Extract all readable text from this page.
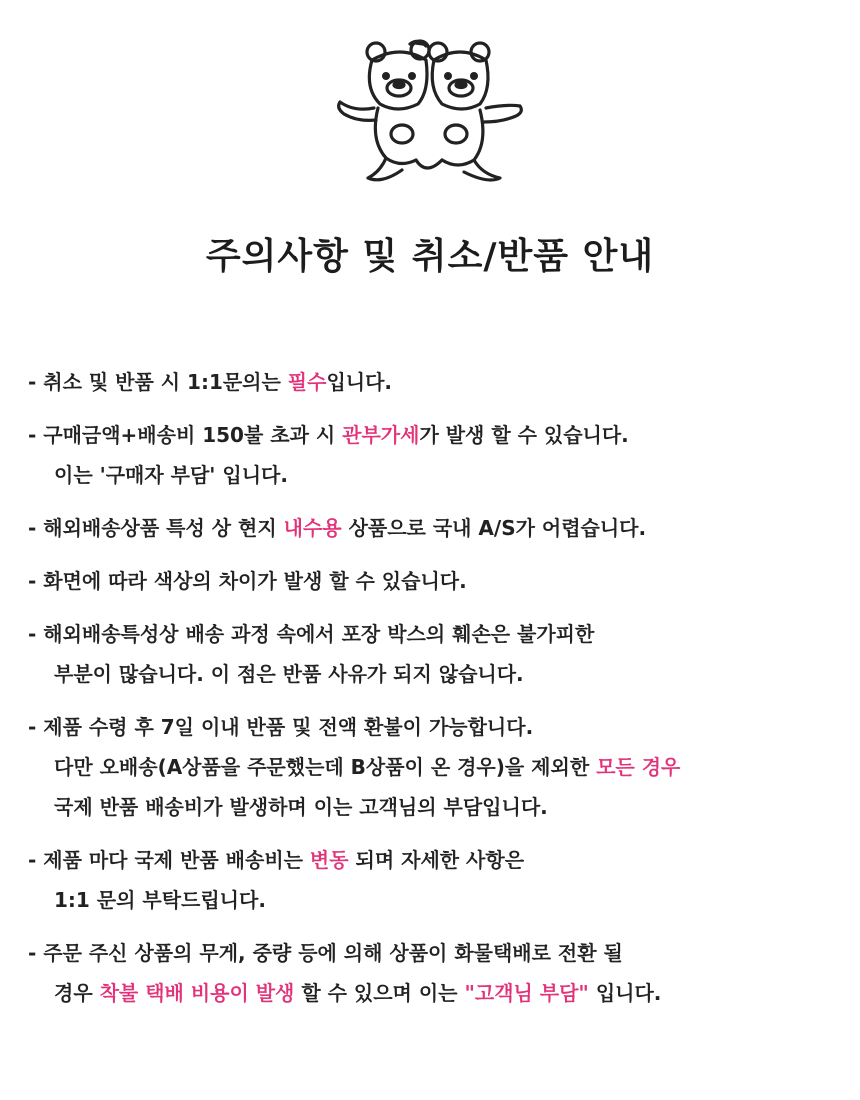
주의사항 및 취소/반품 안내
- 취소 및 반품 시 1:1문의는 필수입니다.
- 구매금액+배송비 150불 초과 시 관부가세가 발생 할 수 있습니다.
이는 '구매자 부담' 입니다.
- 해외배송상품 특성 상 현지 내수용 상품으로 국내 A/S가 어렵습니다.
- 화면에 따라 색상의 차이가 발생 할 수 있습니다.
- 해외배송특성상 배송 과정 속에서 포장 박스의 훼손은 불가피한
부분이 많습니다. 이 점은 반품 사유가 되지 않습니다.
- 제품 수령 후 7일 이내 반품 및 전액 환불이 가능합니다.
다만 오배송(A상품을 주문했는데 B상품이 온 경우)을 제외한 모든 경우
국제 반품 배송비가 발생하며 이는 고객님의 부담입니다.
- 제품 마다 국제 반품 배송비는 변동 되며 자세한 사항은
1:1 문의 부탁드립니다.
- 주문 주신 상품의 무게, 중량 등에 의해 상품이 화물택배로 전환 될
경우 착불 택배 비용이 발생 할 수 있으며 이는 "고객님 부담" 입니다.
